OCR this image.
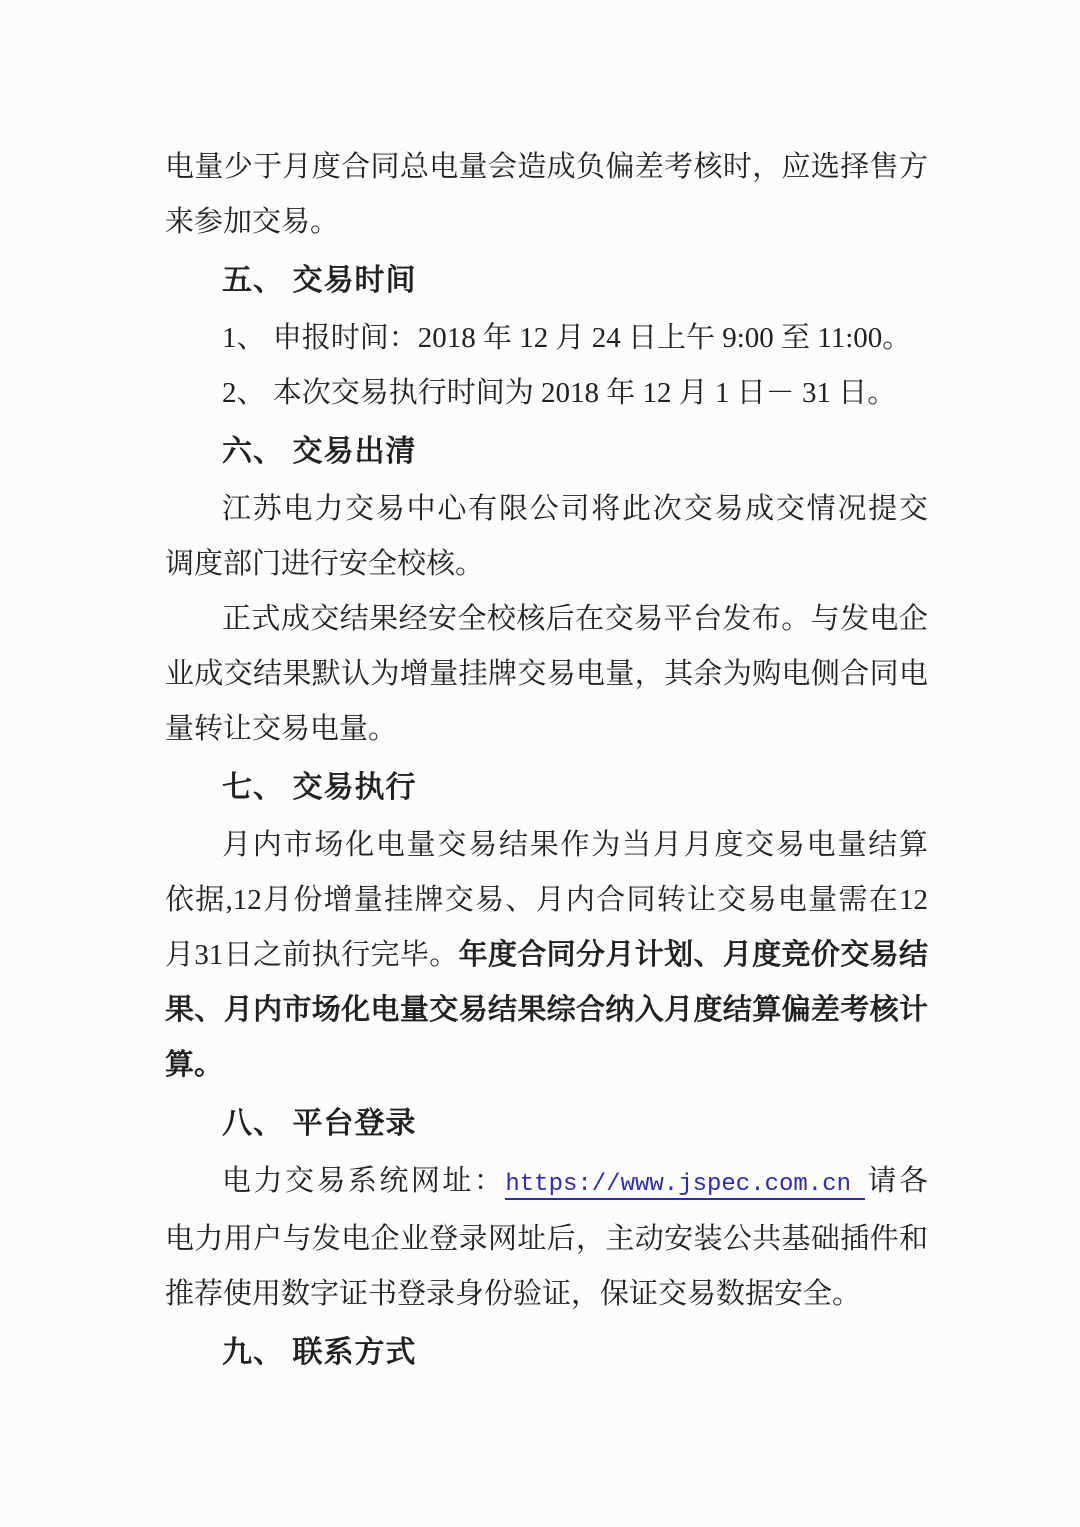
电量少于月度合同总电量会造成负偏差考核时，应选择售方
来参加交易。
五、 交易时间
1、 申报时间：2018 年 12 月 24 日上午 9:00 至 11:00。
2、 本次交易执行时间为 2018 年 12 月 1 日－ 31 日。
六、 交易出清
江苏电力交易中心有限公司将此次交易成交情况提交
调度部门进行安全校核。
正式成交结果经安全校核后在交易平台发布。与发电企
业成交结果默认为增量挂牌交易电量，其余为购电侧合同电
量转让交易电量。
七、 交易执行
月内市场化电量交易结果作为当月月度交易电量结算
依据,12月份增量挂牌交易、月内合同转让交易电量需在12
月31日之前执行完毕。年度合同分月计划、月度竞价交易结
果、月内市场化电量交易结果综合纳入月度结算偏差考核计
算。
八、 平台登录
电力交易系统网址：https://www.jspec.com.cn 请各
电力用户与发电企业登录网址后，主动安装公共基础插件和
推荐使用数字证书登录身份验证，保证交易数据安全。
九、 联系方式
